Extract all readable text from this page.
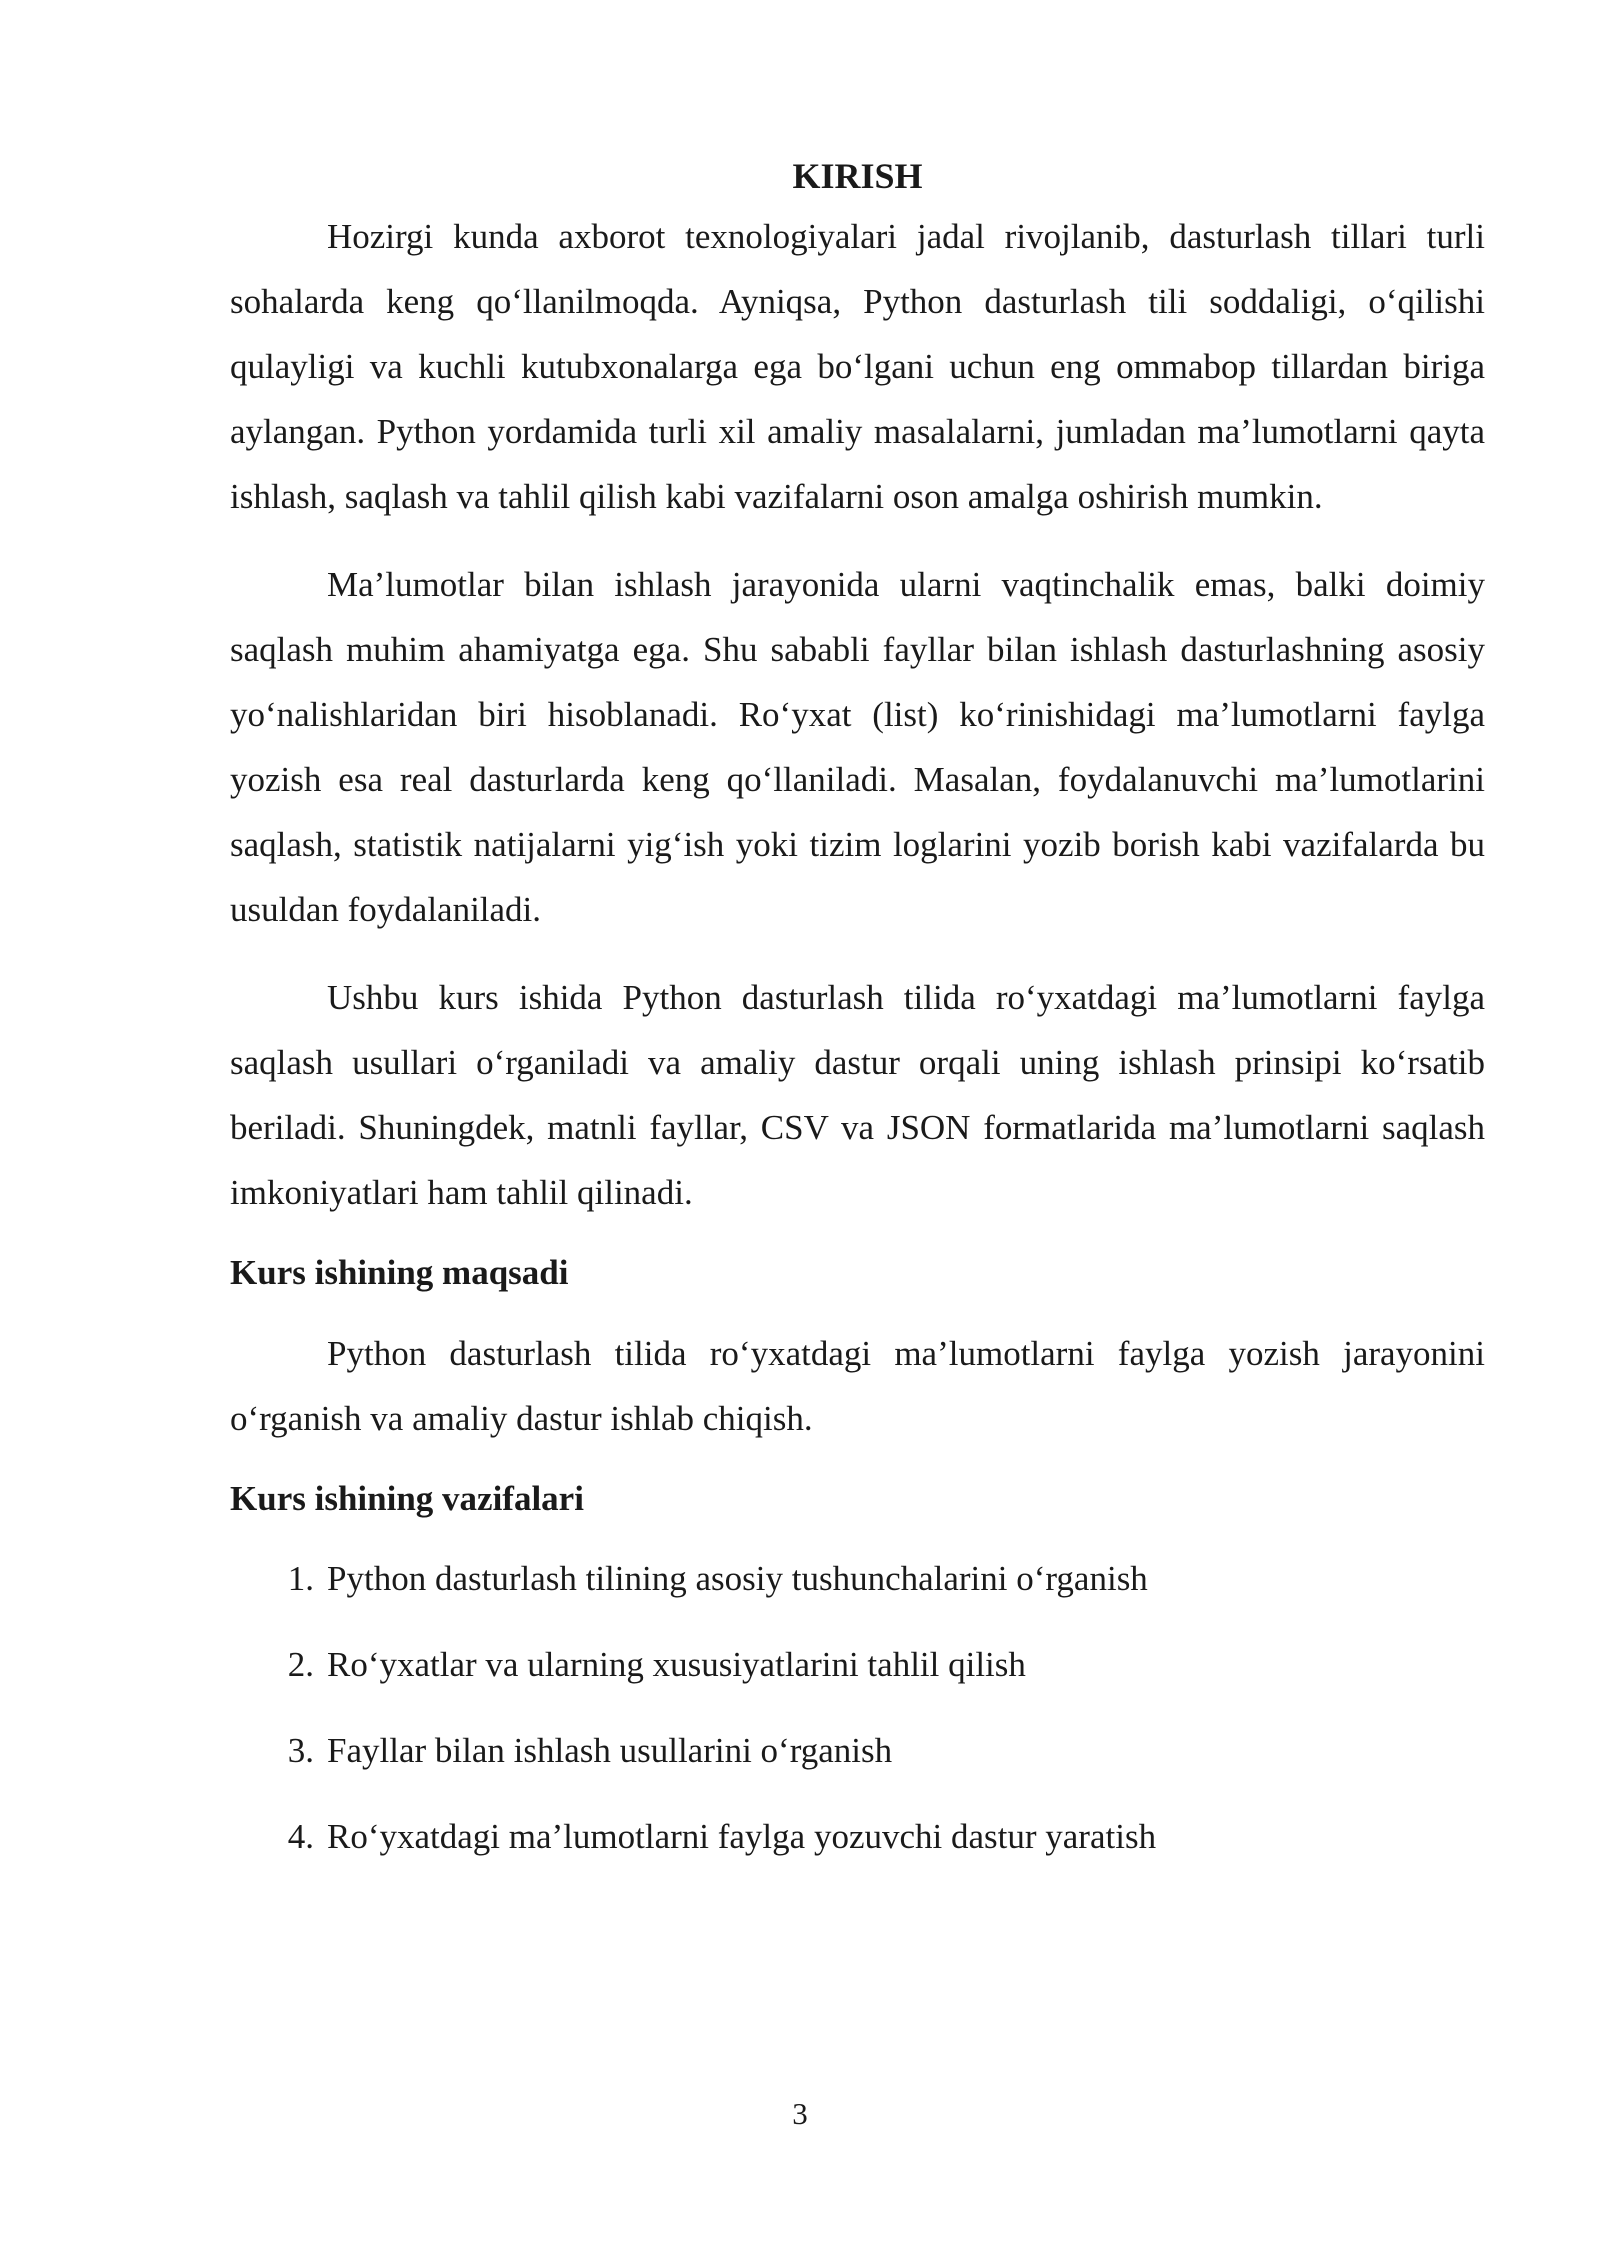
KIRISH

Hozirgi kunda axborot texnologiyalari jadal rivojlanib, dasturlash tillari turli sohalarda keng qo‘llanilmoqda. Ayniqsa, Python dasturlash tili soddaligi, o‘qilishi qulayligi va kuchli kutubxonalarga ega bo‘lgani uchun eng ommabop tillardan biriga aylangan. Python yordamida turli xil amaliy masalalarni, jumladan ma’lumotlarni qayta ishlash, saqlash va tahlil qilish kabi vazifalarni oson amalga oshirish mumkin.

Ma’lumotlar bilan ishlash jarayonida ularni vaqtinchalik emas, balki doimiy saqlash muhim ahamiyatga ega. Shu sababli fayllar bilan ishlash dasturlashning asosiy yo‘nalishlaridan biri hisoblanadi. Ro‘yxat (list) ko‘rinishidagi ma’lumotlarni faylga yozish esa real dasturlarda keng qo‘llaniladi. Masalan, foydalanuvchi ma’lumotlarini saqlash, statistik natijalarni yig‘ish yoki tizim loglarini yozib borish kabi vazifalarda bu usuldan foydalaniladi.

Ushbu kurs ishida Python dasturlash tilida ro‘yxatdagi ma’lumotlarni faylga saqlash usullari o‘rganiladi va amaliy dastur orqali uning ishlash prinsipi ko‘rsatib beriladi. Shuningdek, matnli fayllar, CSV va JSON formatlarida ma’lumotlarni saqlash imkoniyatlari ham tahlil qilinadi.

Kurs ishining maqsadi

Python dasturlash tilida ro‘yxatdagi ma’lumotlarni faylga yozish jarayonini o‘rganish va amaliy dastur ishlab chiqish.

Kurs ishining vazifalari
1. Python dasturlash tilining asosiy tushunchalarini o‘rganish
2. Ro‘yxatlar va ularning xususiyatlarini tahlil qilish
3. Fayllar bilan ishlash usullarini o‘rganish
4. Ro‘yxatdagi ma’lumotlarni faylga yozuvchi dastur yaratish
3
